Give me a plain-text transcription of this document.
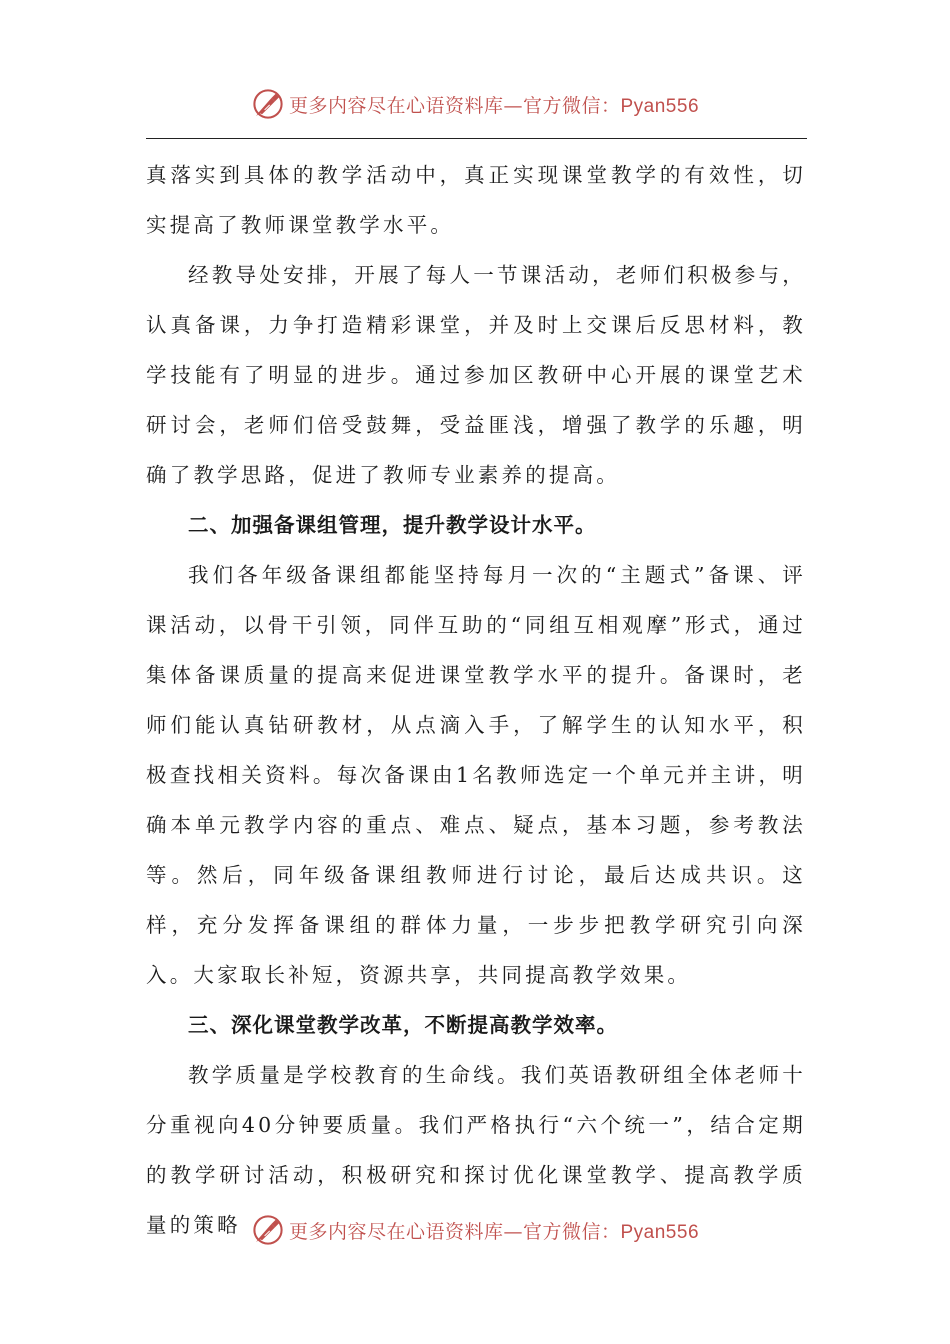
更多内容尽在心语资料库—官方微信：Pyan556

真落实到具体的教学活动中，真正实现课堂教学的有效性，切实提高了教师课堂教学水平。

经教导处安排，开展了每人一节课活动，老师们积极参与，认真备课，力争打造精彩课堂，并及时上交课后反思材料，教学技能有了明显的进步。通过参加区教研中心开展的课堂艺术研讨会，老师们倍受鼓舞，受益匪浅，增强了教学的乐趣，明确了教学思路，促进了教师专业素养的提高。

二、加强备课组管理，提升教学设计水平。

我们各年级备课组都能坚持每月一次的“主题式”备课、评课活动，以骨干引领，同伴互助的“同组互相观摩”形式，通过集体备课质量的提高来促进课堂教学水平的提升。备课时，老师们能认真钻研教材，从点滴入手，了解学生的认知水平，积极查找相关资料。每次备课由1名教师选定一个单元并主讲，明确本单元教学内容的重点、难点、疑点，基本习题，参考教法等。然后，同年级备课组教师进行讨论，最后达成共识。这样，充分发挥备课组的群体力量，一步步把教学研究引向深入。大家取长补短，资源共享，共同提高教学效果。

三、深化课堂教学改革，不断提高教学效率。

教学质量是学校教育的生命线。我们英语教研组全体老师十分重视向40分钟要质量。我们严格执行“六个统一”，结合定期的教学研讨活动，积极研究和探讨优化课堂教学、提高教学质量的策略	更多内容尽在心语资料库—官方微信：Pyan556
